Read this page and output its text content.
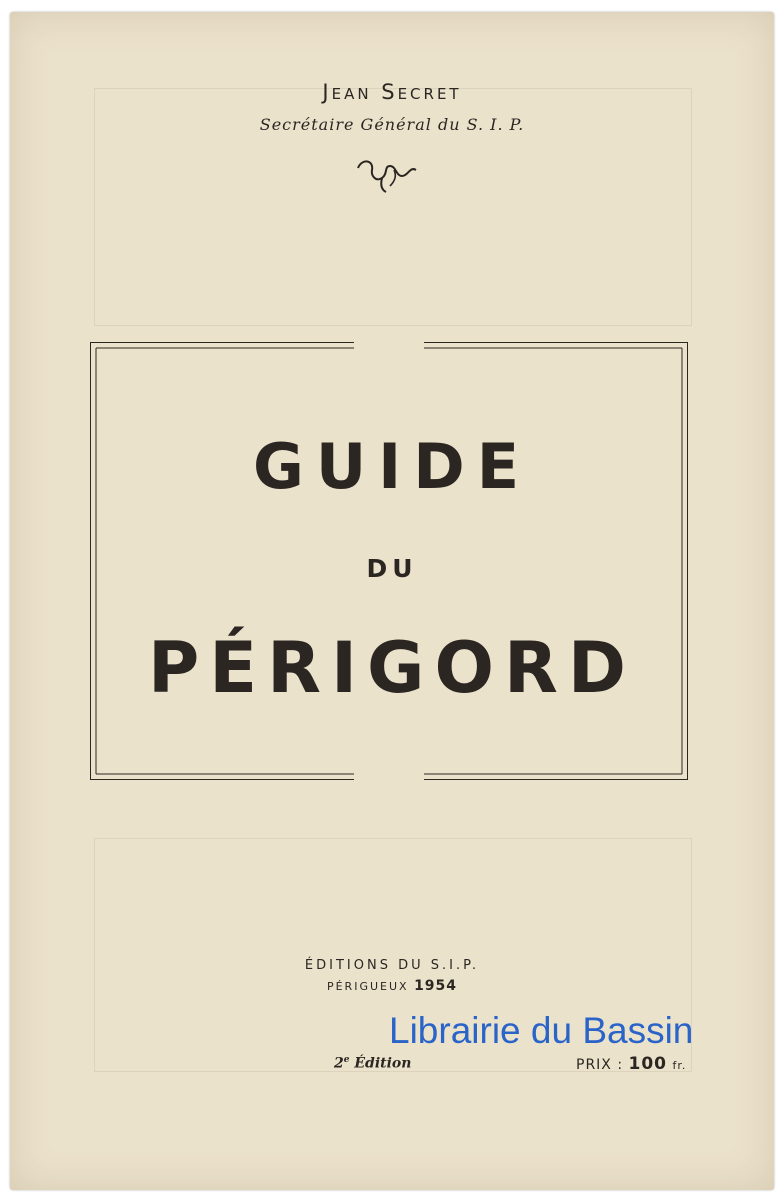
Jean Secret
Secrétaire Général du S. I. P.
GUIDE
DU
PÉRIGORD
ÉDITIONS DU S.I.P.
PÉRIGUEUX 1954
2e Édition	PRIX : 100 fr.
Librairie du Bassin
